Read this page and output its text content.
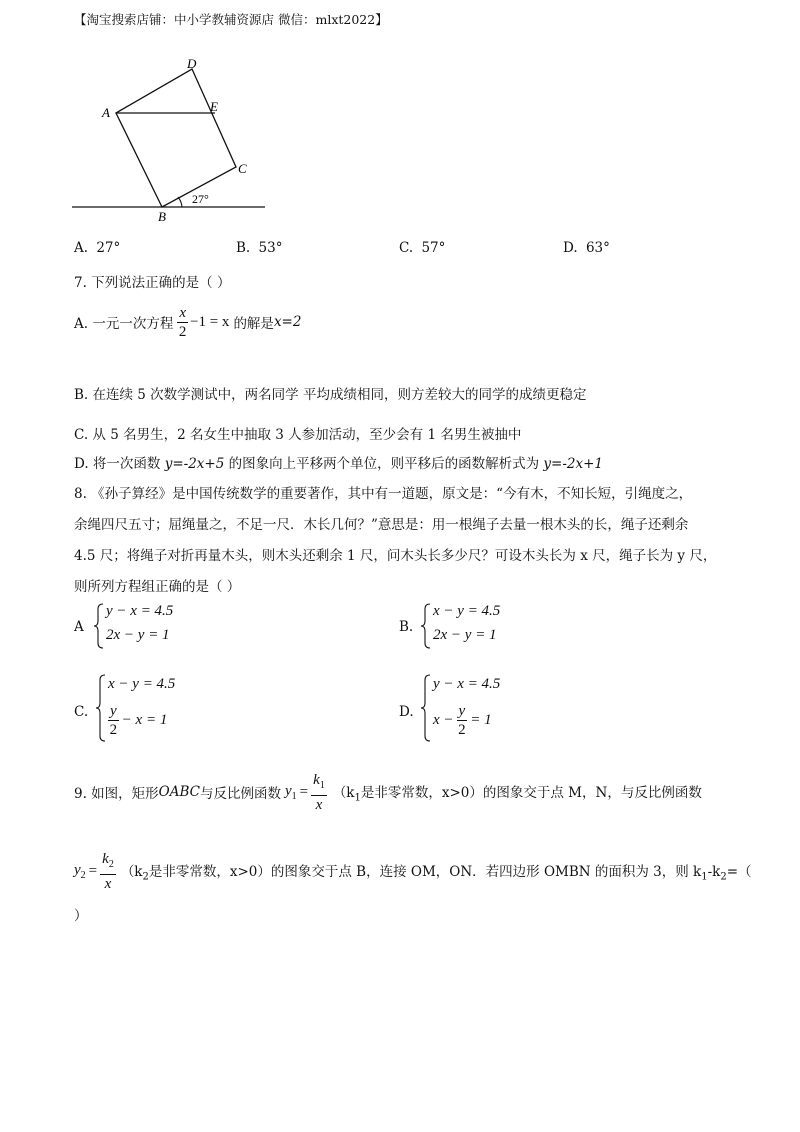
【淘宝搜索店铺：中小学教辅资源店 微信：mlxt2022】
D
A	E
C
B
27°
A. 27°	B. 53°	C. 57°	D. 63°
7. 下列说法正确的是（ ）
A. 一元一次方程 $\frac{x}{2} -1 = x$ 的解是 x=2
B. 在连续 5 次数学测试中，两名同学 平均成绩相同，则方差较大的同学的成绩更稳定
C. 从 5 名男生，2 名女生中抽取 3 人参加活动，至少会有 1 名男生被抽中
D. 将一次函数 y=-2x+5 的图象向上平移两个单位，则平移后的函数解析式为 y=-2x+1
8. 《孙子算经》是中国传统数学的重要著作，其中有一道题，原文是：“今有木，不知长短，引绳度之，
余绳四尺五寸；屈绳量之，不足一尺．木长几何？”意思是：用一根绳子去量一根木头的长，绳子还剩余
4.5 尺；将绳子对折再量木头，则木头还剩余 1 尺，问木头长多少尺？可设木头长为 x 尺，绳子长为 y 尺，
则所列方程组正确的是（ ）
A
y − x = 4.5
2x − y = 1	B.
x − y = 4.5
2x − y = 1
C.
x − y = 4.5
$\frac{y}{2} - x = 1$	D.
y − x = 4.5
$x - \frac{y}{2} = 1$
9. 如图，矩形 OABC 与反比例函数 $y_1 = \frac{k_1}{x} (k_1$是非零常数，x>0）的图象交于点 M，N，与反比例函数
$y_2 = \frac{k_2}{x} (k_2$是非零常数，x>0）的图象交于点 B，连接 OM，ON．若四边形 OMBN 的面积为 3，则 $k_1-k_2=$（
）
